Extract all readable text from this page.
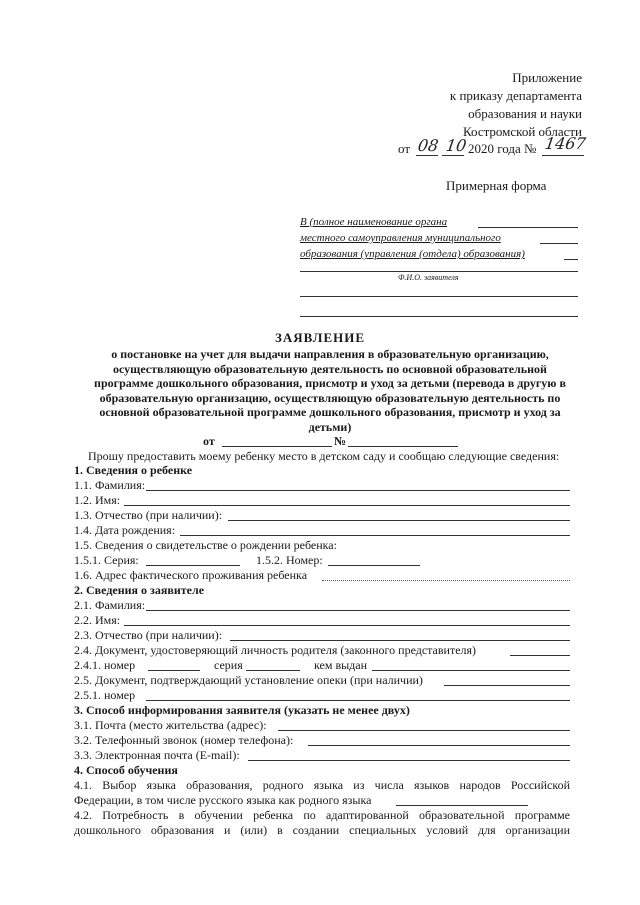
Приложение
к приказу департамента
образования и науки
Костромской области
от 08 10 2020 года № 1467
Примерная форма
В (полное наименование органа
местного самоуправления муниципального
образования (управления (отдела) образования)
Ф.И.О. заявителя
ЗАЯВЛЕНИЕ
о постановке на учет для выдачи направления в образовательную организацию,
осуществляющую образовательную деятельность по основной образовательной
программе дошкольного образования, присмотр и уход за детьми (перевода в другую в
образовательную организацию, осуществляющую образовательную деятельность по
основной образовательной программе дошкольного образования, присмотр и уход за
детьми)
от	№
Прошу предоставить моему ребенку место в детском саду и сообщаю следующие сведения:
1. Сведения о ребенке
1.1. Фамилия:
1.2. Имя:
1.3. Отчество (при наличии):
1.4. Дата рождения:
1.5. Сведения о свидетельстве о рождении ребенка:
1.5.1. Серия:	1.5.2. Номер:
1.6. Адрес фактического проживания ребенка
2. Сведения о заявителе
2.1. Фамилия:
2.2. Имя:
2.3. Отчество (при наличии):
2.4. Документ, удостоверяющий личность родителя (законного представителя)
2.4.1. номер	серия	кем выдан
2.5. Документ, подтверждающий установление опеки (при наличии)
2.5.1. номер
3. Способ информирования заявителя (указать не менее двух)
3.1. Почта (место жительства (адрес):
3.2. Телефонный звонок (номер телефона):
3.3. Электронная почта (E-mail):
4. Способ обучения
4.1. Выбор языка образования, родного языка из числа языков народов Российской
Федерации, в том числе русского языка как родного языка
4.2. Потребность в обучении ребенка по адаптированной образовательной программе
дошкольного образования и (или) в создании специальных условий для организации
